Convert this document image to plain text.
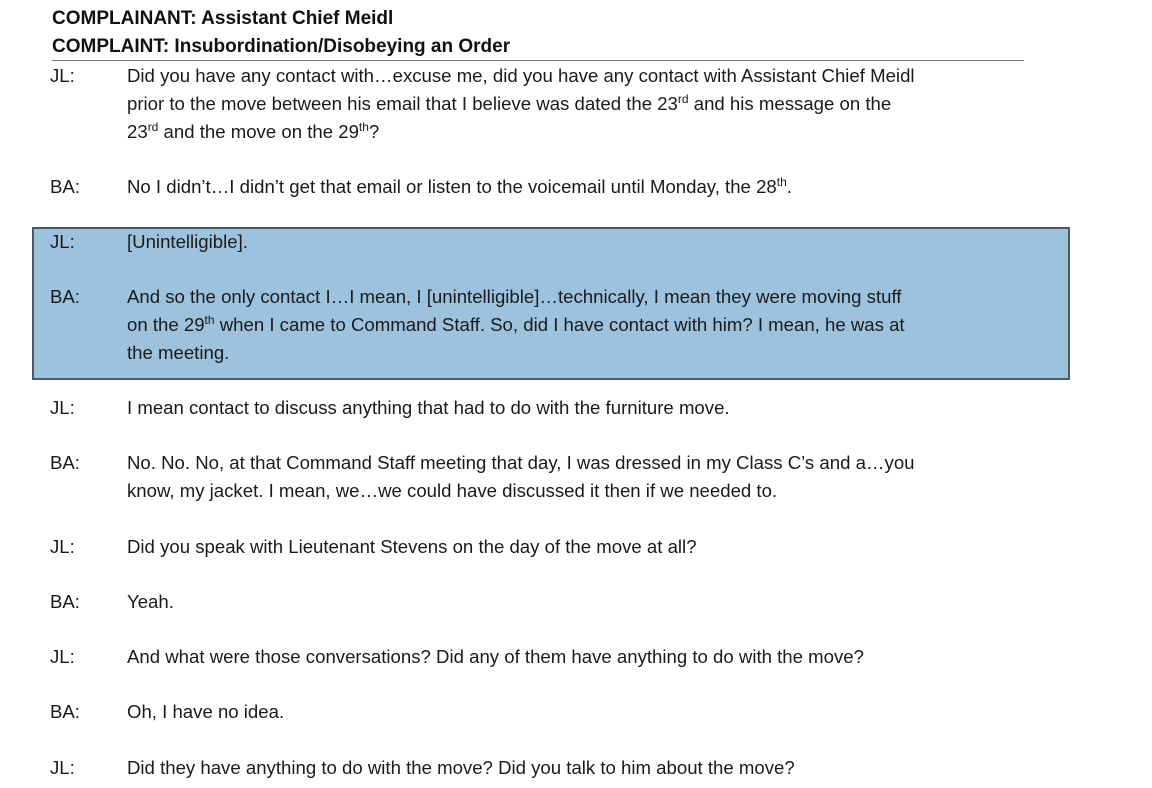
COMPLAINANT: Assistant Chief Meidl
COMPLAINT: Insubordination/Disobeying an Order
JL:	Did you have any contact with…excuse me, did you have any contact with Assistant Chief Meidl
prior to the move between his email that I believe was dated the 23rd and his message on the
23rd and the move on the 29th?
BA:	No I didn’t…I didn’t get that email or listen to the voicemail until Monday, the 28th.
JL:	[Unintelligible].
BA:	And so the only contact I…I mean, I [unintelligible]…technically, I mean they were moving stuff
on the 29th when I came to Command Staff. So, did I have contact with him? I mean, he was at
the meeting.
JL:	I mean contact to discuss anything that had to do with the furniture move.
BA:	No. No. No, at that Command Staff meeting that day, I was dressed in my Class C’s and a…you
know, my jacket. I mean, we…we could have discussed it then if we needed to.
JL:	Did you speak with Lieutenant Stevens on the day of the move at all?
BA:	Yeah.
JL:	And what were those conversations? Did any of them have anything to do with the move?
BA:	Oh, I have no idea.
JL:	Did they have anything to do with the move? Did you talk to him about the move?
